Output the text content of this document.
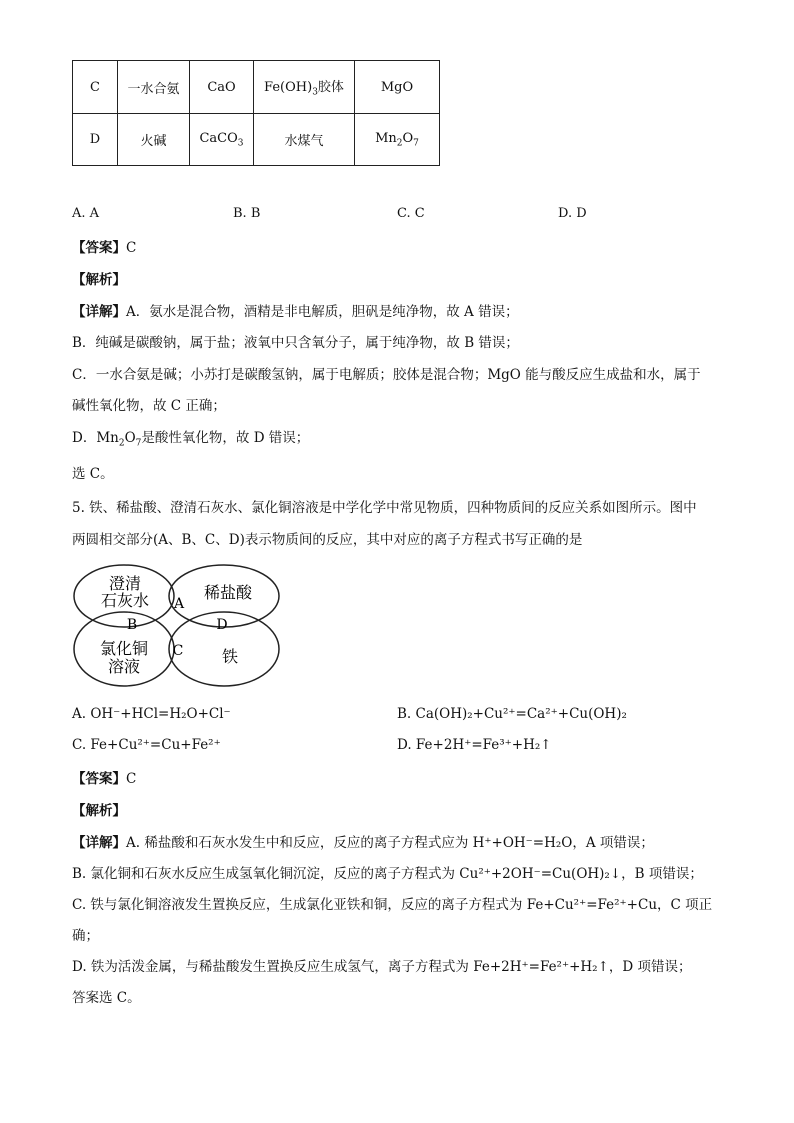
C	一水合氨	CaO	$Fe(OH)_3$胶体	MgO
D	火碱	CaCO$_3$	水煤气	$Mn_2O_7$
A. A	B. B	C. C	D. D
【答案】C
【解析】
【详解】A．氨水是混合物，酒精是非电解质，胆矾是纯净物，故 A 错误；
B．纯碱是碳酸钠，属于盐；液氧中只含氧分子，属于纯净物，故 B 错误；
C．一水合氨是碱；小苏打是碳酸氢钠，属于电解质；胶体是混合物；MgO 能与酸反应生成盐和水，属于
碱性氧化物，故 C 正确；
D．$Mn_2O_7$是酸性氧化物，故 D 错误；
选 C。
5. 铁、稀盐酸、澄清石灰水、氯化铜溶液是中学化学中常见物质，四种物质间的反应关系如图所示。图中
两圆相交部分(A、B、C、D)表示物质间的反应，其中对应的离子方程式书写正确的是
澄清
石灰水	稀盐酸
氯化铜
溶液
铁
A
B
C
D
A. OH⁻+HCl=H₂O+Cl⁻	B. Ca(OH)₂+Cu²⁺=Ca²⁺+Cu(OH)₂
C. Fe+Cu²⁺=Cu+Fe²⁺	D. Fe+2H⁺=Fe³⁺+H₂↑
【答案】C
【解析】
【详解】A. 稀盐酸和石灰水发生中和反应，反应的离子方程式应为 H⁺+OH⁻=H₂O，A 项错误；
B. 氯化铜和石灰水反应生成氢氧化铜沉淀，反应的离子方程式为 Cu²⁺+2OH⁻=Cu(OH)₂↓，B 项错误；
C. 铁与氯化铜溶液发生置换反应，生成氯化亚铁和铜，反应的离子方程式为 Fe+Cu²⁺=Fe²⁺+Cu，C 项正
确；
D. 铁为活泼金属，与稀盐酸发生置换反应生成氢气，离子方程式为 Fe+2H⁺=Fe²⁺+H₂↑，D 项错误；
答案选 C。
